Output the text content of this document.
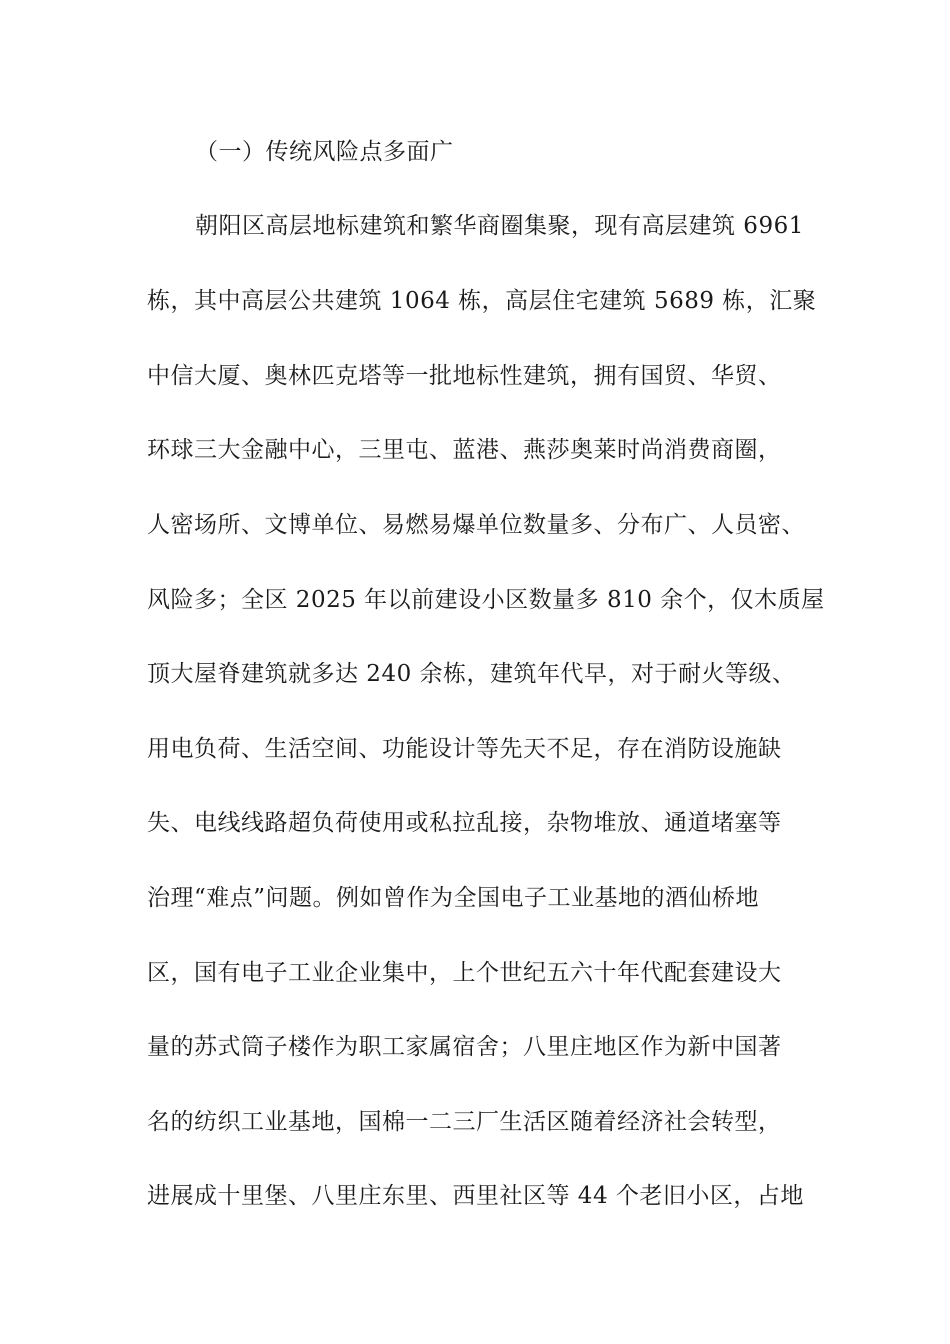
（一）传统风险点多面广

朝阳区高层地标建筑和繁华商圈集聚，现有高层建筑 6961

栋，其中高层公共建筑 1064 栋，高层住宅建筑 5689 栋，汇聚

中信大厦、奥林匹克塔等一批地标性建筑，拥有国贸、华贸、

环球三大金融中心，三里屯、蓝港、燕莎奥莱时尚消费商圈，

人密场所、文博单位、易燃易爆单位数量多、分布广、人员密、

风险多；全区 2025 年以前建设小区数量多 810 余个，仅木质屋

顶大屋脊建筑就多达 240 余栋，建筑年代早，对于耐火等级、

用电负荷、生活空间、功能设计等先天不足，存在消防设施缺

失、电线线路超负荷使用或私拉乱接，杂物堆放、通道堵塞等

治理“难点”问题。例如曾作为全国电子工业基地的酒仙桥地

区，国有电子工业企业集中，上个世纪五六十年代配套建设大

量的苏式筒子楼作为职工家属宿舍；八里庄地区作为新中国著

名的纺织工业基地，国棉一二三厂生活区随着经济社会转型，

进展成十里堡、八里庄东里、西里社区等 44 个老旧小区，占地
